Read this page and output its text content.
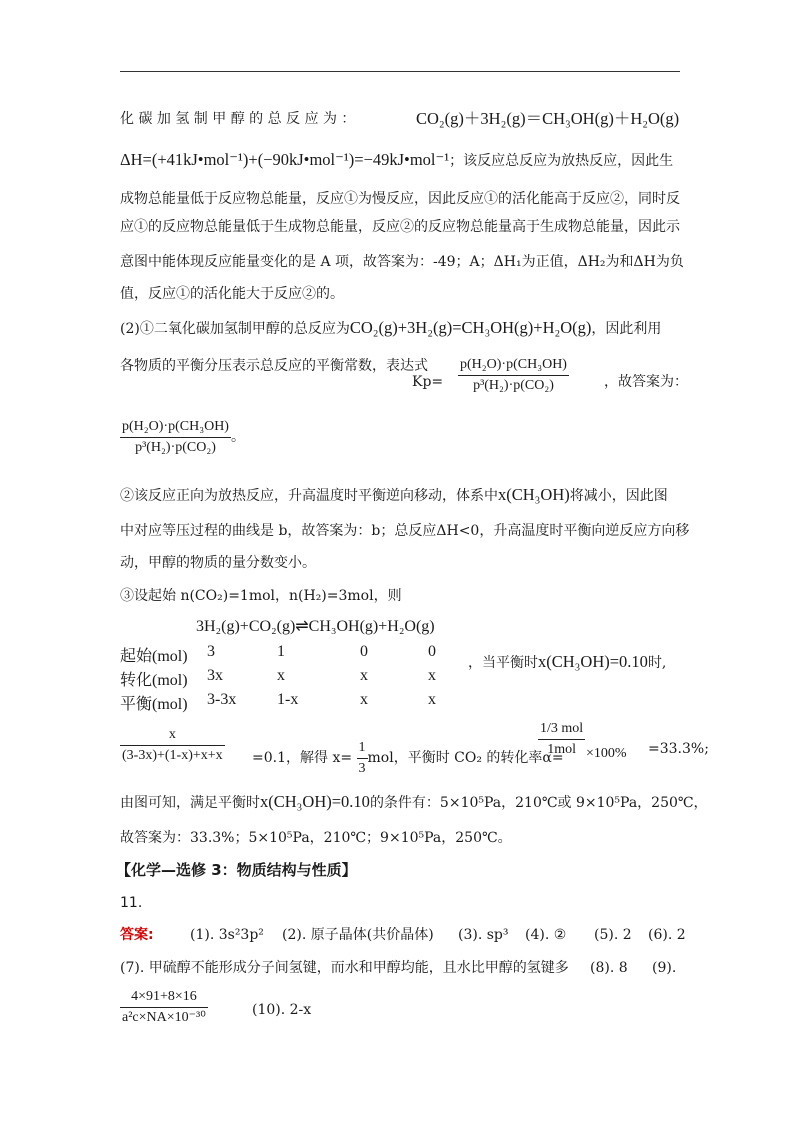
化 碳 加 氢 制 甲 醇 的 总 反 应 为 ：	CO₂(g)＋3H₂(g)＝CH₃OH(g)＋H₂O(g)
ΔH=(+41kJ•mol⁻¹)+(−90kJ•mol⁻¹)=−49kJ•mol⁻¹；该反应总反应为放热反应，因此生
成物总能量低于反应物总能量，反应①为慢反应，因此反应①的活化能高于反应②，同时反
应①的反应物总能量低于生成物总能量，反应②的反应物总能量高于生成物总能量，因此示
意图中能体现反应能量变化的是 A 项，故答案为：-49；A；ΔH₁为正值，ΔH₂为和ΔH为负
值，反应①的活化能大于反应②的。
(2)①二氧化碳加氢制甲醇的总反应为CO₂(g)+3H₂(g)=CH₃OH(g)+H₂O(g)，因此利用
各物质的平衡分压表示总反应的平衡常数，表达式
$Kp= \frac{\text{p(H₂O)·p(CH₃OH)}}{\text{p³(H₂)·p(CO₂)}}$	，故答案为：
$\frac{\text{p(H₂O)·p(CH₃OH)}}{\text{p³(H₂)·p(CO₂)}}$ 。
②该反应正向为放热反应，升高温度时平衡逆向移动，体系中x(CH₃OH)将减小，因此图
中对应等压过程的曲线是 b，故答案为：b；总反应ΔH<0，升高温度时平衡向逆反应方向移
动，甲醇的物质的量分数变小。
③设起始 n(CO₂)=1mol，n(H₂)=3mol，则
3H₂(g)+CO₂(g)⇌CH₃OH(g)+H₂O(g)
起始(mol) 3	1	0	0
转化(mol) 3x	x	x	x
平衡(mol) 3-3x	1-x	x	x
，当平衡时x(CH₃OH)=0.10时,
$\frac{x}{(3-3x)+(1-x)+x+x} =0.1$，解得 $x= \frac{1}{3}$ mol，平衡时 CO₂ 的转化率α=
1/3 mol
1mol ×100% =33.3%;
由图可知，满足平衡时x(CH₃OH)=0.10的条件有：5×10⁵Pa，210℃或 9×10⁵Pa，250℃，
故答案为：33.3%；5×10⁵Pa，210℃；9×10⁵Pa，250℃。
【化学—选修 3：物质结构与性质】
11.
答案:	(1). 3s²3p² (2). 原子晶体(共价晶体) (3). sp³ (4). ② (5). 2 (6). 2
(7). 甲硫醇不能形成分子间氢键，而水和甲醇均能，且水比甲醇的氢键多 (8). 8 (9).
$\frac{4\times 91+8\times 16}{\text{a²c×NA×10⁻³⁰}}$	(10). 2-x
